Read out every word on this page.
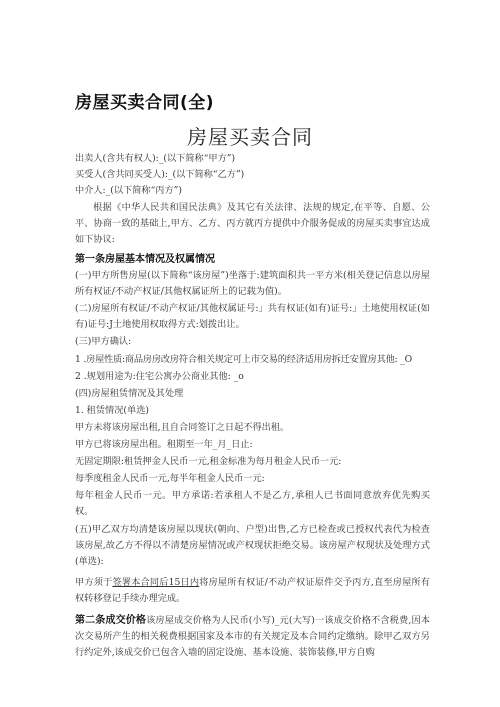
房屋买卖合同(全)
房屋买卖合同
出卖人(含共有权人):_(以下简称“甲方”)
买受人(含共同买受人):_(以下简称“乙方”)
中介人:_(以下简称“丙方”)
根据《中华人民共和国民法典》及其它有关法律、法规的规定,在平等、自愿、公平、协商一致的基础上,甲方、乙方、丙方就丙方提供中介服务促成的房屋买卖事宜达成如下协议:
第一条房屋基本情况及权属情况
(一)甲方所售房屋(以下简称“该房屋”)坐落于:建筑面积共一平方米(相关登记信息以房屋所有权证/不动产权证/其他权属证所上的记载为值)。
(二)房屋所有权证/不动产权证/其他权属证号:」共有权证(如有)证号:」土地使用权证(如有)证号:J土地使用权取得方式:划拨出让。
(三)甲方确认:
1 .房屋性质:商品房房改房符合相关规定可上市交易的经济适用房拆迁安置房其他: _O
2 .规划用途为:住宅公寓办公商业其他: _o
(四)房屋租赁情况及其处理
1. 租赁情况(单选)
甲方未将该房屋出租,且自合同签订之日起不得出租。
甲方已将该房屋出租。租期至一年_月_日止:
无固定期限:租赁押金人民币一元,租金标准为每月租金人民币一元:
每季度租金人民币一元,每半年租金人民币一元:
每年租金人民币一元。甲方承诺:若承租人不是乙方,承租人已书面同意放弃优先购买权。
(五)甲乙双方均清楚该房屋以现状(朝向、户型)出售,乙方已检查或已授权代表代为检查该房屋,故乙方不得以不清楚房屋情况或产权现状拒绝交易。该房屋产权现状及处理方式(单选):
甲方须于签署本合同后15日内将房屋所有权证/不动产权证原件交予丙方,直至房屋所有权转移登记手续办理完成。
第二条成交价格该房屋成交价格为人民币(小写)_元(大写)一该成交价格不含税费,因本次交易所产生的相关税费根据国家及本市的有关规定及本合同约定缴纳。除甲乙双方另行约定外,该成交价已包含入墙的固定设施、基本设施、装饰装修,甲方自购
